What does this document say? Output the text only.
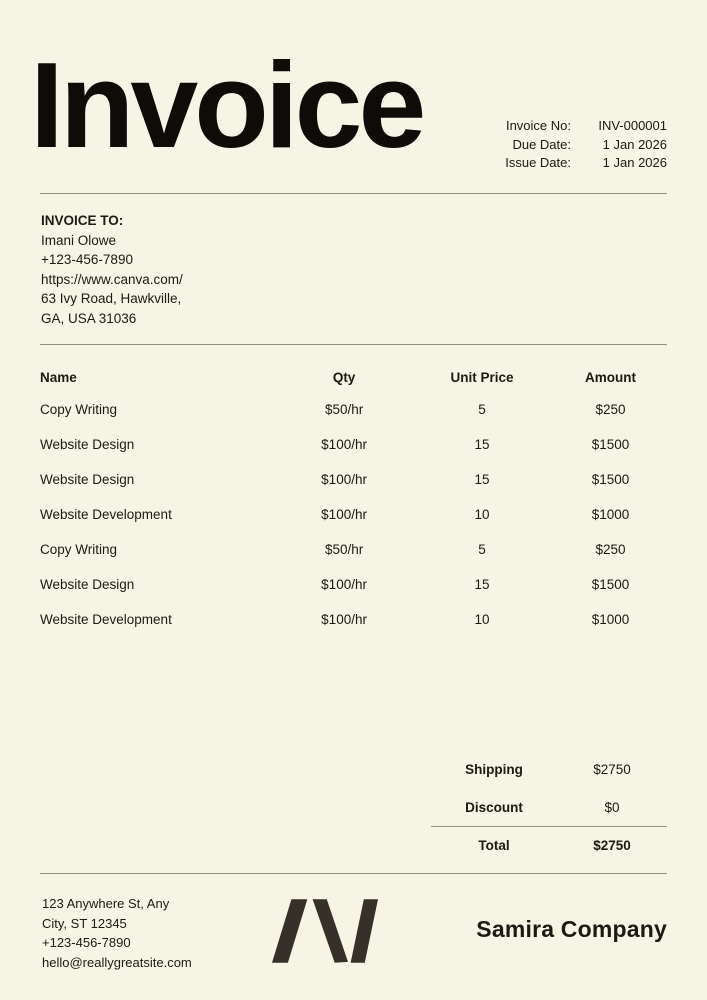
Invoice	Invoice No:	INV-000001
Due Date:	1 Jan 2026
Issue Date:	1 Jan 2026
INVOICE TO:
Imani Olowe
+123-456-7890
https://www.canva.com/
63 Ivy Road, Hawkville,
GA, USA 31036
Name	Qty	Unit Price	Amount
Copy Writing	$50/hr	5	$250
Website Design	$100/hr	15	$1500
Website Design	$100/hr	15	$1500
Website Development	$100/hr	10	$1000
Copy Writing	$50/hr	5	$250
Website Design	$100/hr	15	$1500
Website Development	$100/hr	10	$1000
Shipping	$2750
Discount	$0
Total	$2750
123 Anywhere St, Any
City, ST 12345
+123-456-7890
hello@reallygreatsite.com
Samira Company
